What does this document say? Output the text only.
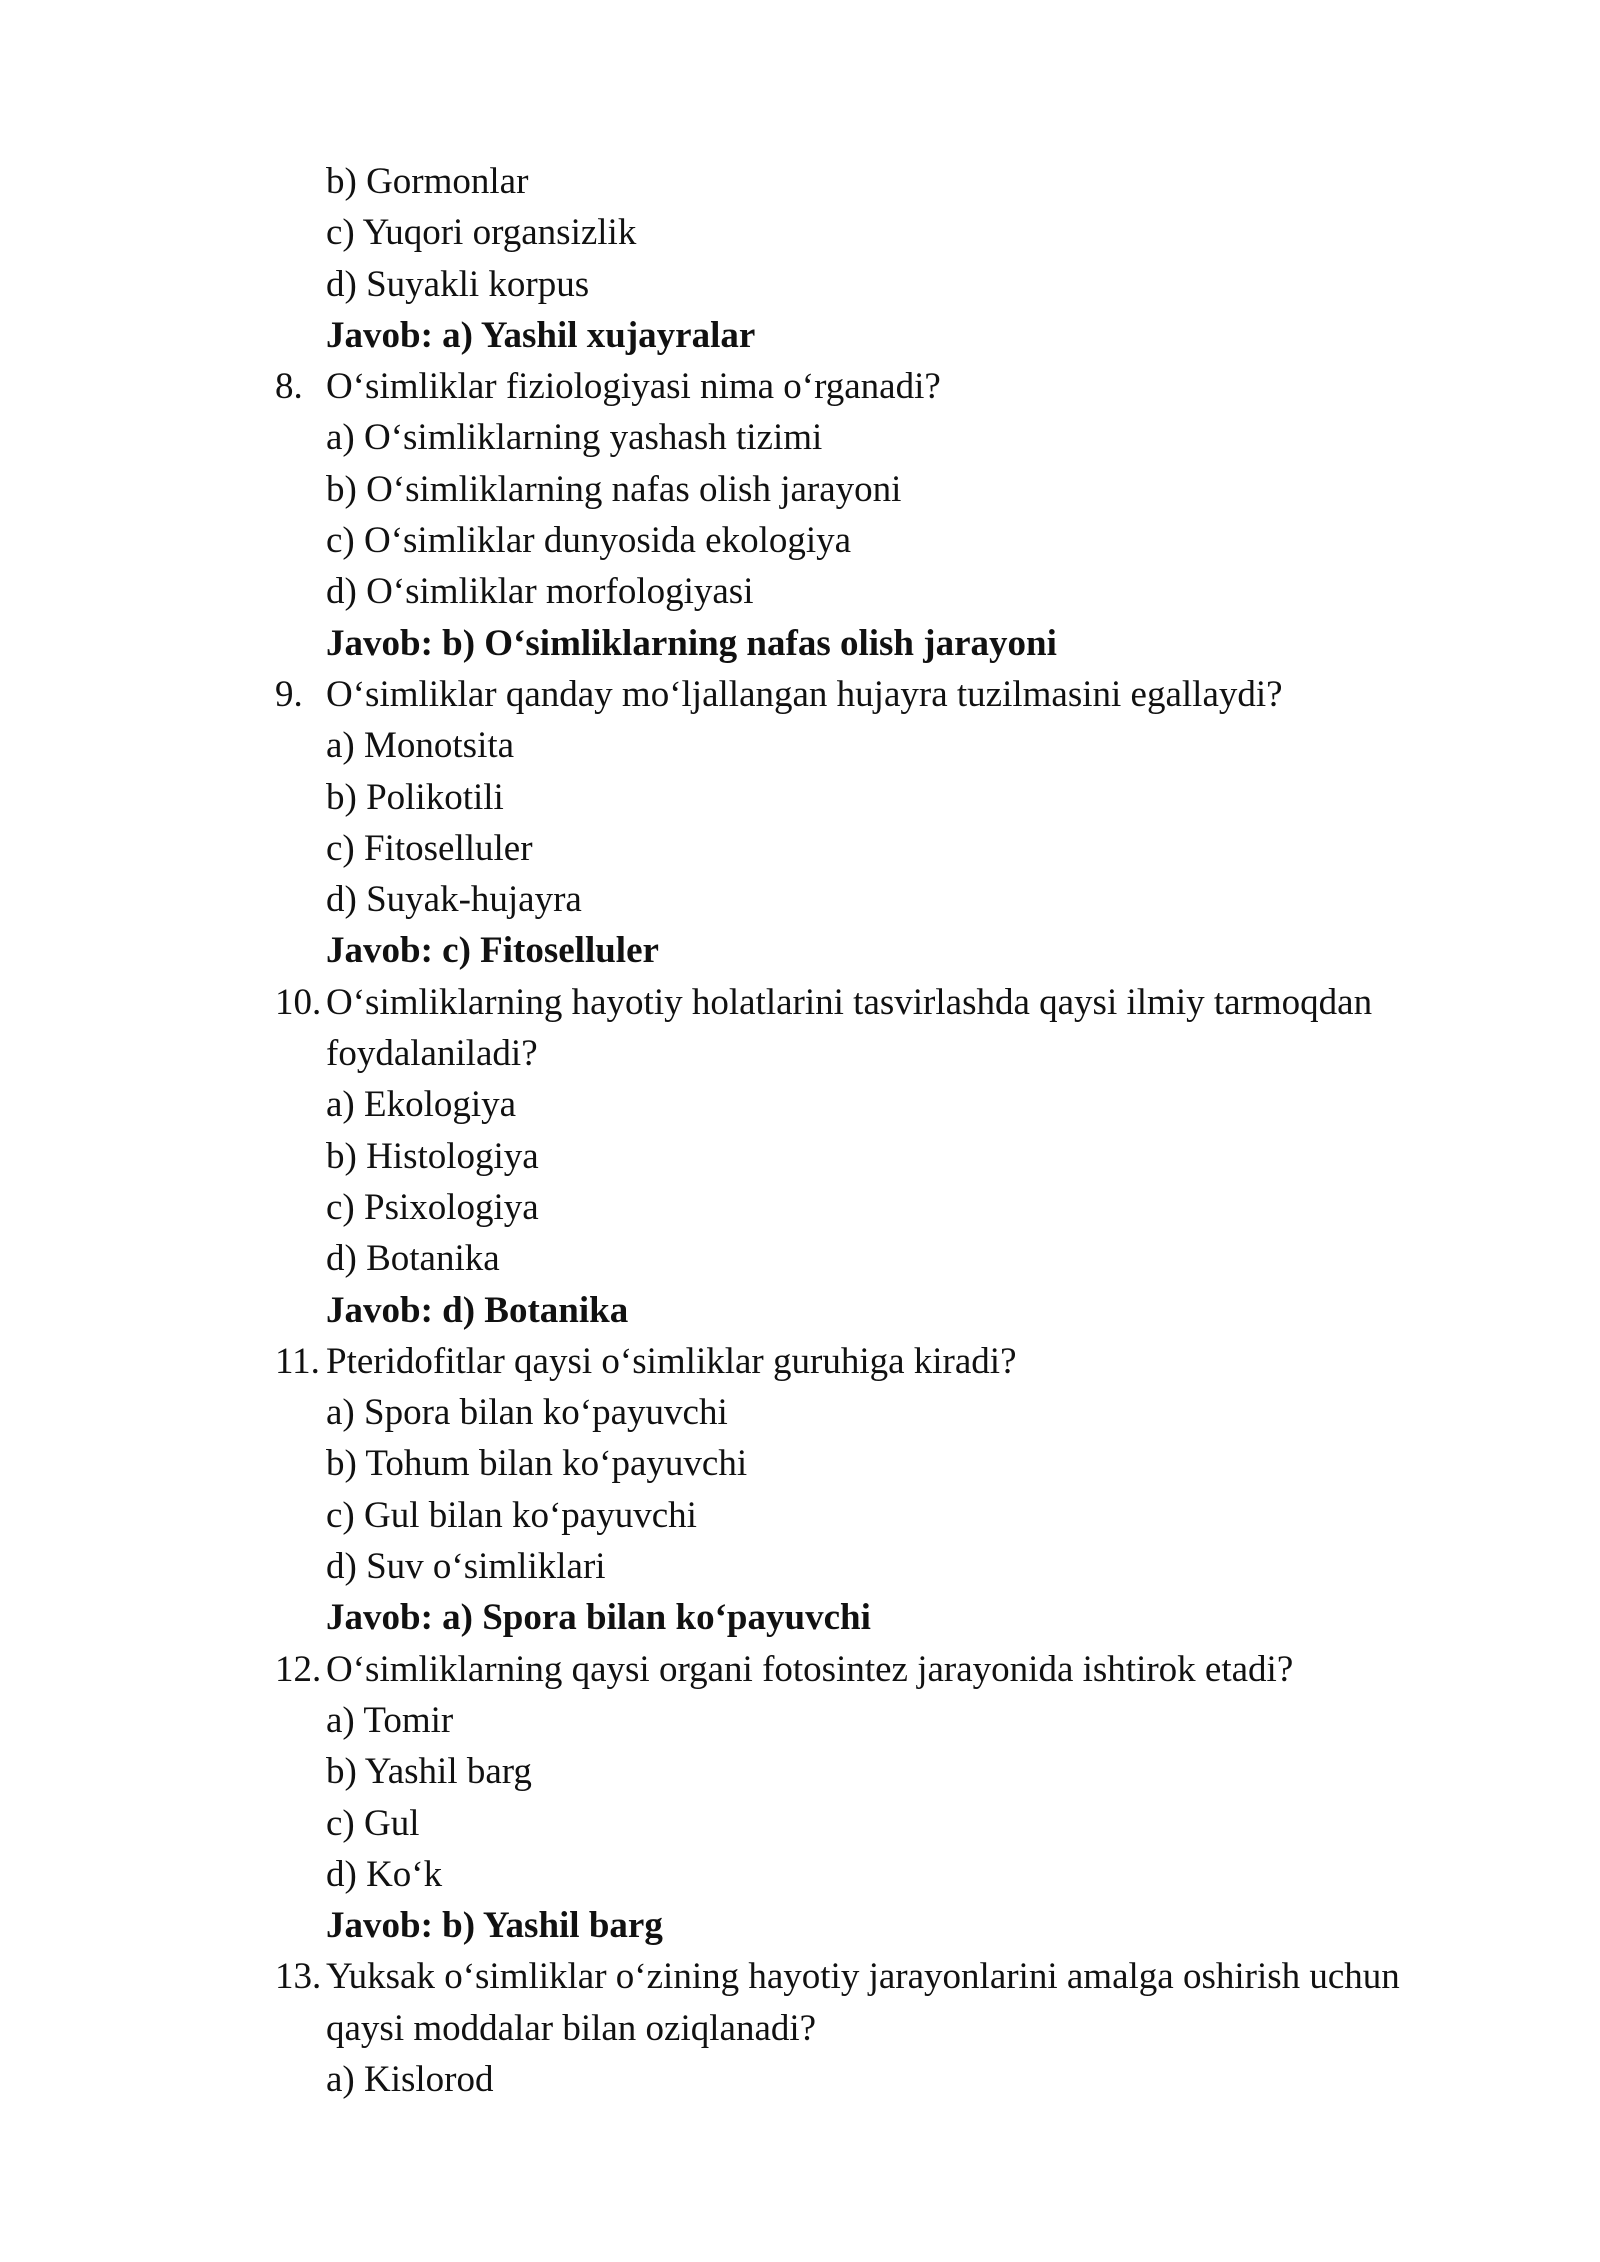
b) Gormonlar
c) Yuqori organsizlik
d) Suyakli korpus
Javob: a) Yashil xujayralar
8. O‘simliklar fiziologiyasi nima o‘rganadi?
a) O‘simliklarning yashash tizimi
b) O‘simliklarning nafas olish jarayoni
c) O‘simliklar dunyosida ekologiya
d) O‘simliklar morfologiyasi
Javob: b) O‘simliklarning nafas olish jarayoni
9. O‘simliklar qanday mo‘ljallangan hujayra tuzilmasini egallaydi?
a) Monotsita
b) Polikotili
c) Fitoselluler
d) Suyak-hujayra
Javob: c) Fitoselluler
10. O‘simliklarning hayotiy holatlarini tasvirlashda qaysi ilmiy tarmoqdan
foydalaniladi?
a) Ekologiya
b) Histologiya
c) Psixologiya
d) Botanika
Javob: d) Botanika
11. Pteridofitlar qaysi o‘simliklar guruhiga kiradi?
a) Spora bilan ko‘payuvchi
b) Tohum bilan ko‘payuvchi
c) Gul bilan ko‘payuvchi
d) Suv o‘simliklari
Javob: a) Spora bilan ko‘payuvchi
12. O‘simliklarning qaysi organi fotosintez jarayonida ishtirok etadi?
a) Tomir
b) Yashil barg
c) Gul
d) Ko‘k
Javob: b) Yashil barg
13. Yuksak o‘simliklar o‘zining hayotiy jarayonlarini amalga oshirish uchun
qaysi moddalar bilan oziqlanadi?
a) Kislorod
